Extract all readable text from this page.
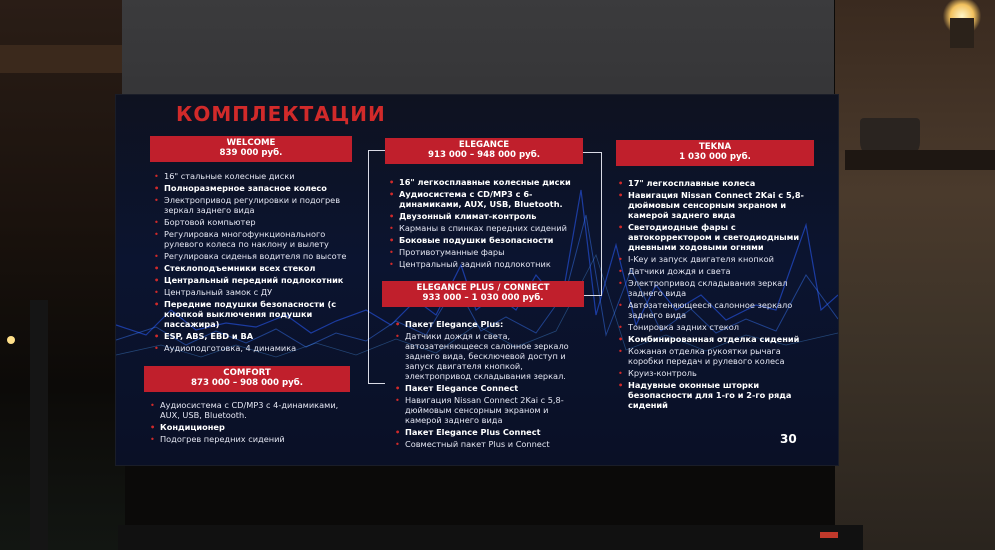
КОМПЛЕКТАЦИИ
WELCOME
839 000 руб.
• 16" стальные колесные диски
• Полноразмерное запасное колесо
• Электропривод регулировки и подогрев зеркал заднего вида
• Бортовой компьютер
• Регулировка многофункционального рулевого колеса по наклону и вылету
• Регулировка сиденья водителя по высоте
• Стеклоподъемники всех стекол
• Центральный передний подлокотник
• Центральный замок с ДУ
• Передние подушки безопасности (с кнопкой выключения подушки пассажира)
• ESP, ABS, EBD и BA
• Аудиоподготовка, 4 динамика
COMFORT
873 000 – 908 000 руб.
• Аудиосистема с CD/MP3 с 4-динамиками, AUX, USB, Bluetooth.
• Кондиционер
• Подогрев передних сидений
ELEGANCE
913 000 – 948 000 руб.
• 16" легкосплавные колесные диски
• Аудиосистема с CD/MP3 с 6-динамиками, AUX, USB, Bluetooth.
• Двузонный климат-контроль
• Карманы в спинках передних сидений
• Боковые подушки безопасности
• Противотуманные фары
• Центральный задний подлокотник
ELEGANCE PLUS / CONNECT
933 000 – 1 030 000 руб.
• Пакет Elegance Plus:
• Датчики дождя и света, автозатеняющееся салонное зеркало заднего вида, бесключевой доступ и запуск двигателя кнопкой, электропривод складывания зеркал.
• Пакет Elegance Connect
• Навигация Nissan Connect 2Kai с 5,8-дюймовым сенсорным экраном и камерой заднего вида
• Пакет Elegance Plus Connect
• Совместный пакет Plus и Connect
TEKNA
1 030 000 руб.
• 17" легкосплавные колеса
• Навигация Nissan Connect 2Kai с 5,8-дюймовым сенсорным экраном и камерой заднего вида
• Светодиодные фары с автокорректором и светодиодными дневными ходовыми огнями
• I-Key и запуск двигателя кнопкой
• Датчики дождя и света
• Электропривод складывания зеркал заднего вида
• Автозатеняющееся салонное зеркало заднего вида
• Тонировка задних стекол
• Комбинированная отделка сидений
• Кожаная отделка рукоятки рычага коробки передач и рулевого колеса
• Круиз-контроль
• Надувные оконные шторки безопасности для 1-го и 2-го ряда сидений
30
